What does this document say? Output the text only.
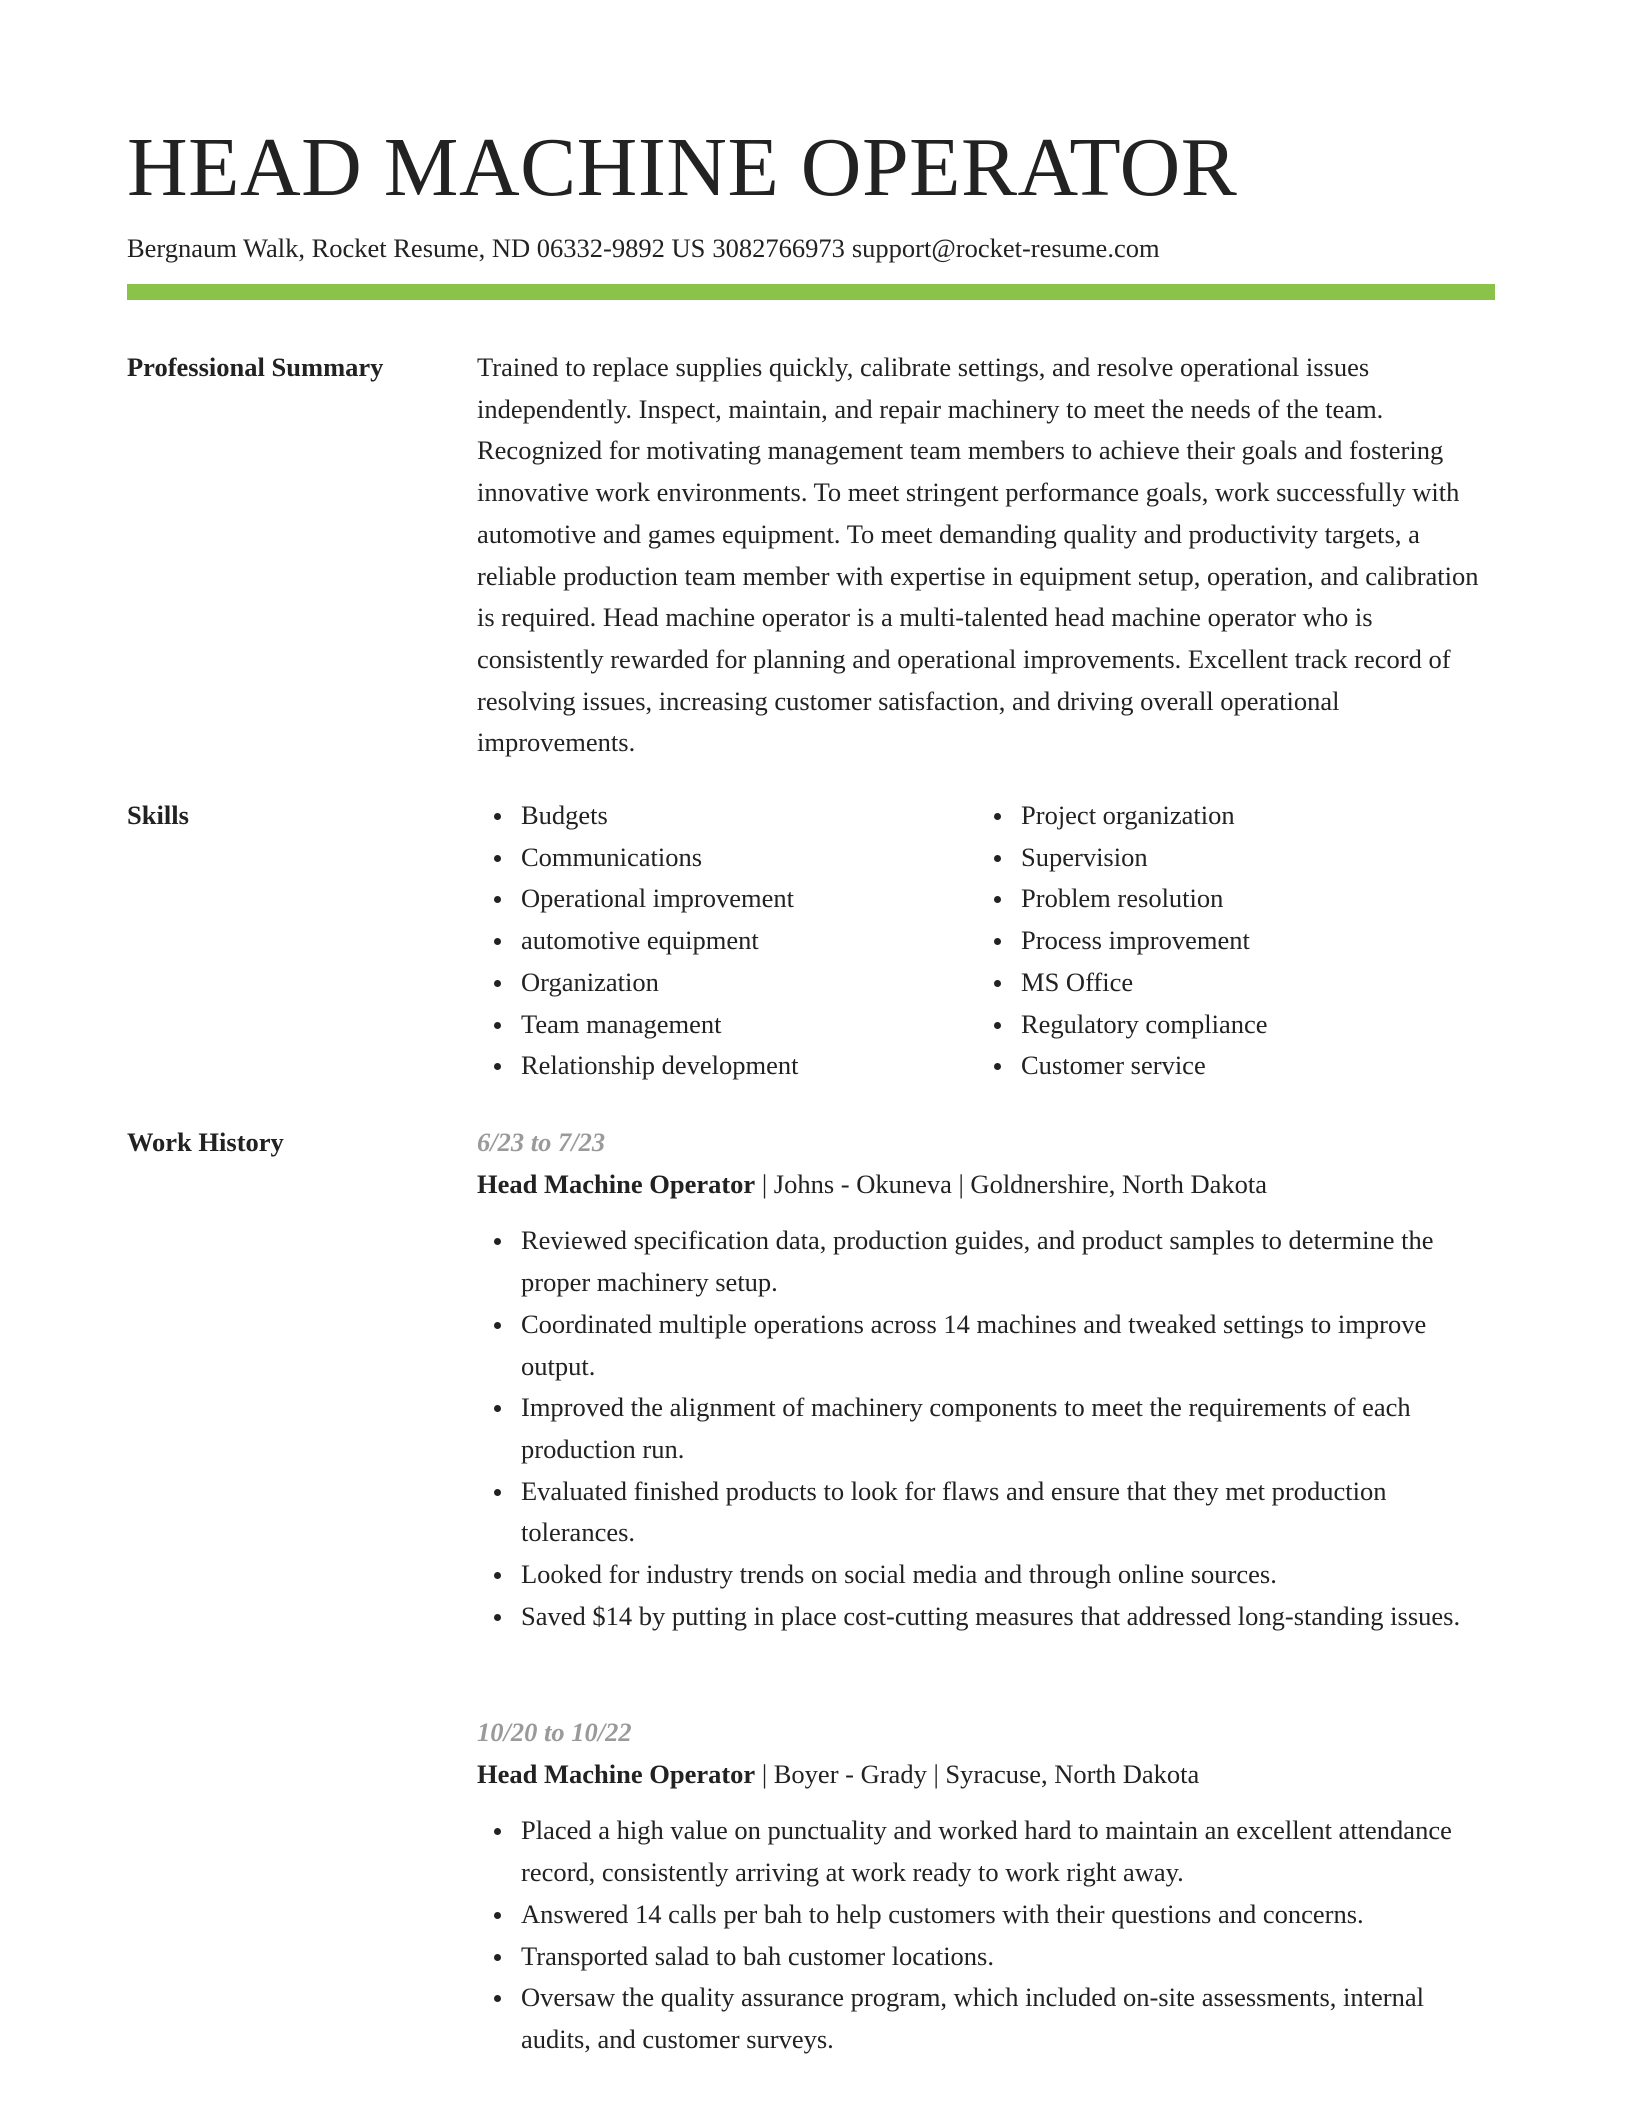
HEAD MACHINE OPERATOR
Bergnaum Walk, Rocket Resume, ND 06332-9892 US 3082766973 support@rocket-resume.com
Professional Summary	Trained to replace supplies quickly, calibrate settings, and resolve operational issues independently. Inspect, maintain, and repair machinery to meet the needs of the team. Recognized for motivating management team members to achieve their goals and fostering innovative work environments. To meet stringent performance goals, work successfully with automotive and games equipment. To meet demanding quality and productivity targets, a reliable production team member with expertise in equipment setup, operation, and calibration is required. Head machine operator is a multi-talented head machine operator who is consistently rewarded for planning and operational improvements. Excellent track record of resolving issues, increasing customer satisfaction, and driving overall operational improvements.

Skills	Budgets
Communications
Operational improvement
automotive equipment
Organization
Team management
Relationship development
Project organization
Supervision
Problem resolution
Process improvement
MS Office
Regulatory compliance
Customer service
Work History	6/23 to 7/23
Head Machine Operator | Johns - Okuneva | Goldnershire, North Dakota
Reviewed specification data, production guides, and product samples to determine the proper machinery setup.
Coordinated multiple operations across 14 machines and tweaked settings to improve output.
Improved the alignment of machinery components to meet the requirements of each production run.
Evaluated finished products to look for flaws and ensure that they met production tolerances.
Looked for industry trends on social media and through online sources.
Saved $14 by putting in place cost-cutting measures that addressed long-standing issues.
10/20 to 10/22
Head Machine Operator | Boyer - Grady | Syracuse, North Dakota
Placed a high value on punctuality and worked hard to maintain an excellent attendance record, consistently arriving at work ready to work right away.
Answered 14 calls per bah to help customers with their questions and concerns.
Transported salad to bah customer locations.
Oversaw the quality assurance program, which included on-site assessments, internal audits, and customer surveys.
